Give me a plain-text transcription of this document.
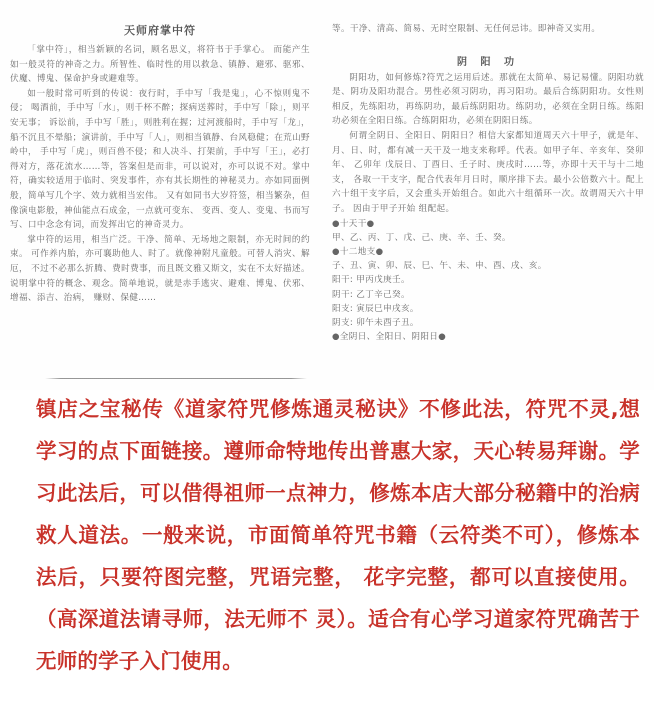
天师府掌中符

「掌中符」，相当新颖的名词，顾名思义，将符书于手掌心。 而能产生如一般灵符的神奇之力。所智性、临时性的用以救急、镇静、避邪、驱邪、伏魔、博鬼、保命护身或避难等。

如一般时常可听到的传说：夜行时，手中写「我是鬼」，心不惊则鬼不侵； 喝酒前，手中写「水」，则千杯不醉；探病送葬时，手中写「除」，则平安无事； 诉讼前，手中写「胜」，则胜利在握；过河渡船时，手中写「龙」，船不沉且不晕船；演讲前，手中写「人」，则相当镇静、台风稳健；在荒山野岭中， 手中写「虎」，则百兽不侵；和人决斗、打架前，手中写「王」，必打得对方，落花流水……等，答案但是而非，可以说对，亦可以说不对。掌中符，确实较适用于临时、突发事件，亦有其长期性的神秘灵力。亦如同面例般，简单写几个字、效力就相当宏伟。 又有如同书大岁符签，相当繁杂，但像演电影般，神仙能点石成金，一点就可变东、 变西、变人、变鬼、书而写写、口中念念有词，而发挥出它的神奇灵力。

掌中符的运用，相当广泛。干净、简单、无场地之限制，亦无时间的约束。 可作养内胎，亦可襄助他人、时了。就像神附凡童般。可替人消灾、解厄， 不过不必那么折腾、费时费事，而且既文雅又斯文，实在不太好描述。说明掌中符的概念、观念。简单地说，就是赤手逃灾、避难、博鬼、伏邪、增福、添吉、治病， 赚财、保健……

等。干净、清高、简易、无时空限制、无任何忌讳。即神奇又实用。

阴 阳 功

阴阳功，如何修炼?符咒之运用后述。那就在太简单、易记易懂。阴阳功就是、阴功及阳功混合。男性必须习阴功，再习阳功。最后合练阴阳功。女性则相反，先练阳功，再练阴功，最后练阴阳功。练阴功，必须在全阴日练。练阳功必须在全阳日练。合练阴阳功，必须在阴阳日练。

何谓全阴日、全阳日、阴阳日？相信大家都知道周天六十甲子，就是年、 月、日、时，都有减一天干及一地支来称呼。代表。如甲子年、辛亥年、癸卯年、 乙卯年 戊辰日、丁酉日、壬子时、庚戌时……等，亦即十天干与十二地支， 各取一干支字，配合代表年月日时，顺序排下去。最小公倍数六十。配上六十组干支字后，又会重头开始组合。如此六十组循环一次。故谓周天六十甲子。 因由于甲子开始 组配起。

●十天干●
甲、乙、丙、丁、戊、己、庚、辛、壬、癸。
●十二地支●
子、丑、寅、卯、辰、巳、午、未、申、酉、戌、亥。
阳干: 甲丙戊庚壬。
阴干: 乙丁辛己癸。
阳支: 寅辰巳申戌亥。
阴支: 卯午未酉子丑。
●全阴日、全阳日、阴阳日●

镇店之宝秘传《道家符咒修炼通灵秘诀》不修此法，符咒不灵,想学习的点下面链接。遵师命特地传出普惠大家，天心转易拜谢。学习此法后，可以借得祖师一点神力，修炼本店大部分秘籍中的治病救人道法。一般来说，市面简单符咒书籍（云符类不可），修炼本法后，只要符图完整，咒语完整， 花字完整，都可以直接使用。（高深道法请寻师，法无师不 灵）。适合有心学习道家符咒确苦于无师的学子入门使用。
